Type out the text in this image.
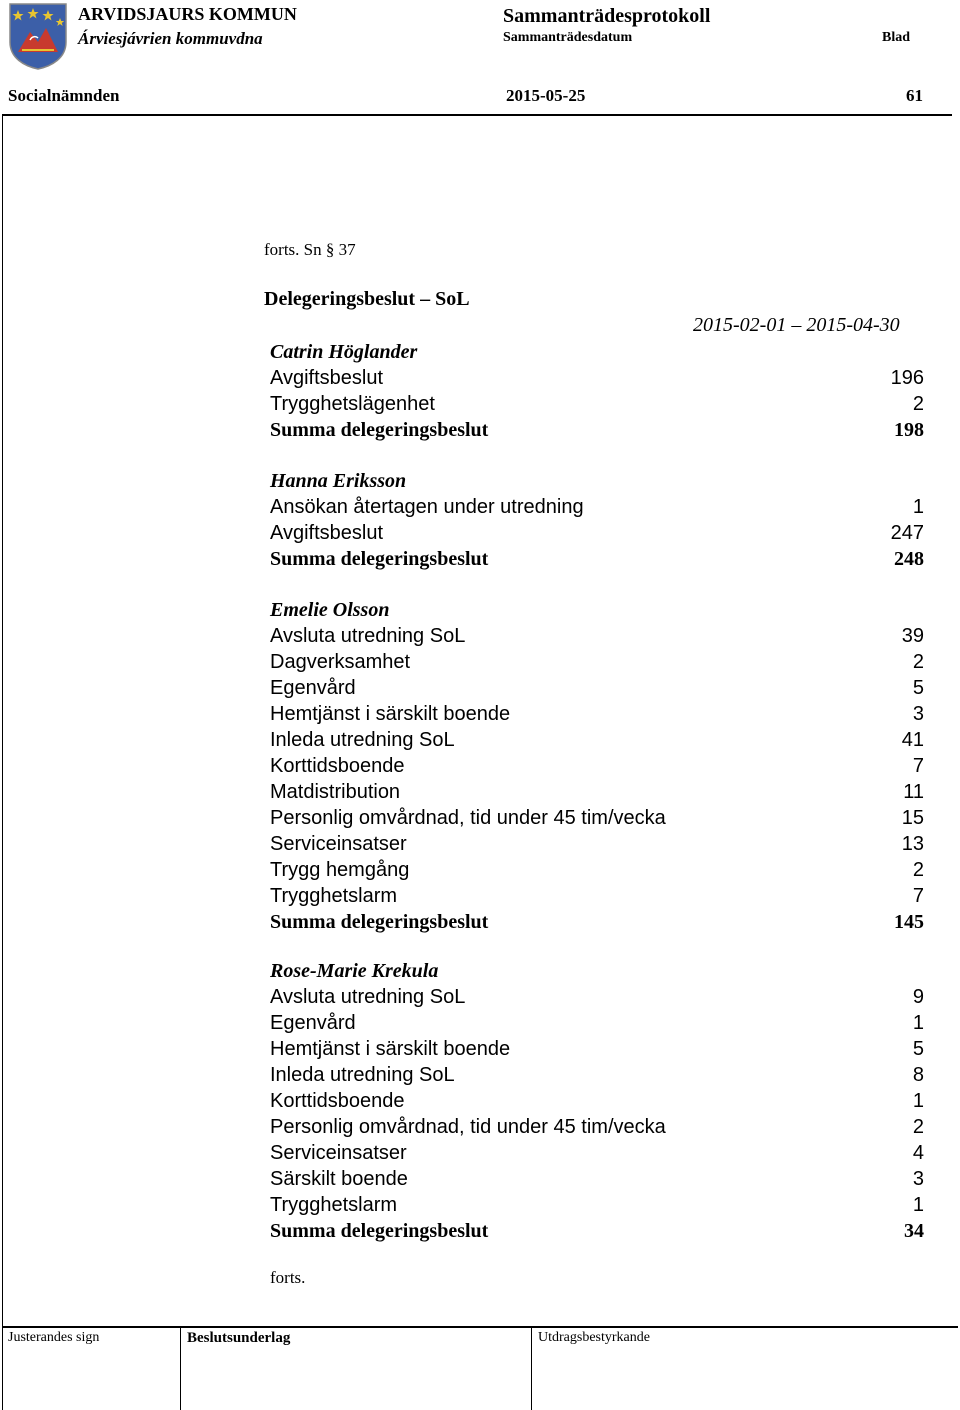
ARVIDSJAURS KOMMUN
Árviesjávrien kommuvdna
Sammanträdesprotokoll
Sammanträdesdatum	Blad
Socialnämnden	2015-05-25	61
forts. Sn § 37
Delegeringsbeslut – SoL
2015-02-01 – 2015-04-30
Catrin Höglander
Avgiftsbeslut	196
Trygghetslägenhet	2
Summa delegeringsbeslut	198
Hanna Eriksson
Ansökan återtagen under utredning	1
Avgiftsbeslut	247
Summa delegeringsbeslut	248
Emelie Olsson
Avsluta utredning SoL	39
Dagverksamhet	2
Egenvård	5
Hemtjänst i särskilt boende	3
Inleda utredning SoL	41
Korttidsboende	7
Matdistribution	11
Personlig omvårdnad, tid under 45 tim/vecka	15
Serviceinsatser	13
Trygg hemgång	2
Trygghetslarm	7
Summa delegeringsbeslut	145
Rose-Marie Krekula
Avsluta utredning SoL	9
Egenvård	1
Hemtjänst i särskilt boende	5
Inleda utredning SoL	8
Korttidsboende	1
Personlig omvårdnad, tid under 45 tim/vecka	2
Serviceinsatser	4
Särskilt boende	3
Trygghetslarm	1
Summa delegeringsbeslut	34
forts.
Justerandes sign	Beslutsunderlag	Utdragsbestyrkande
